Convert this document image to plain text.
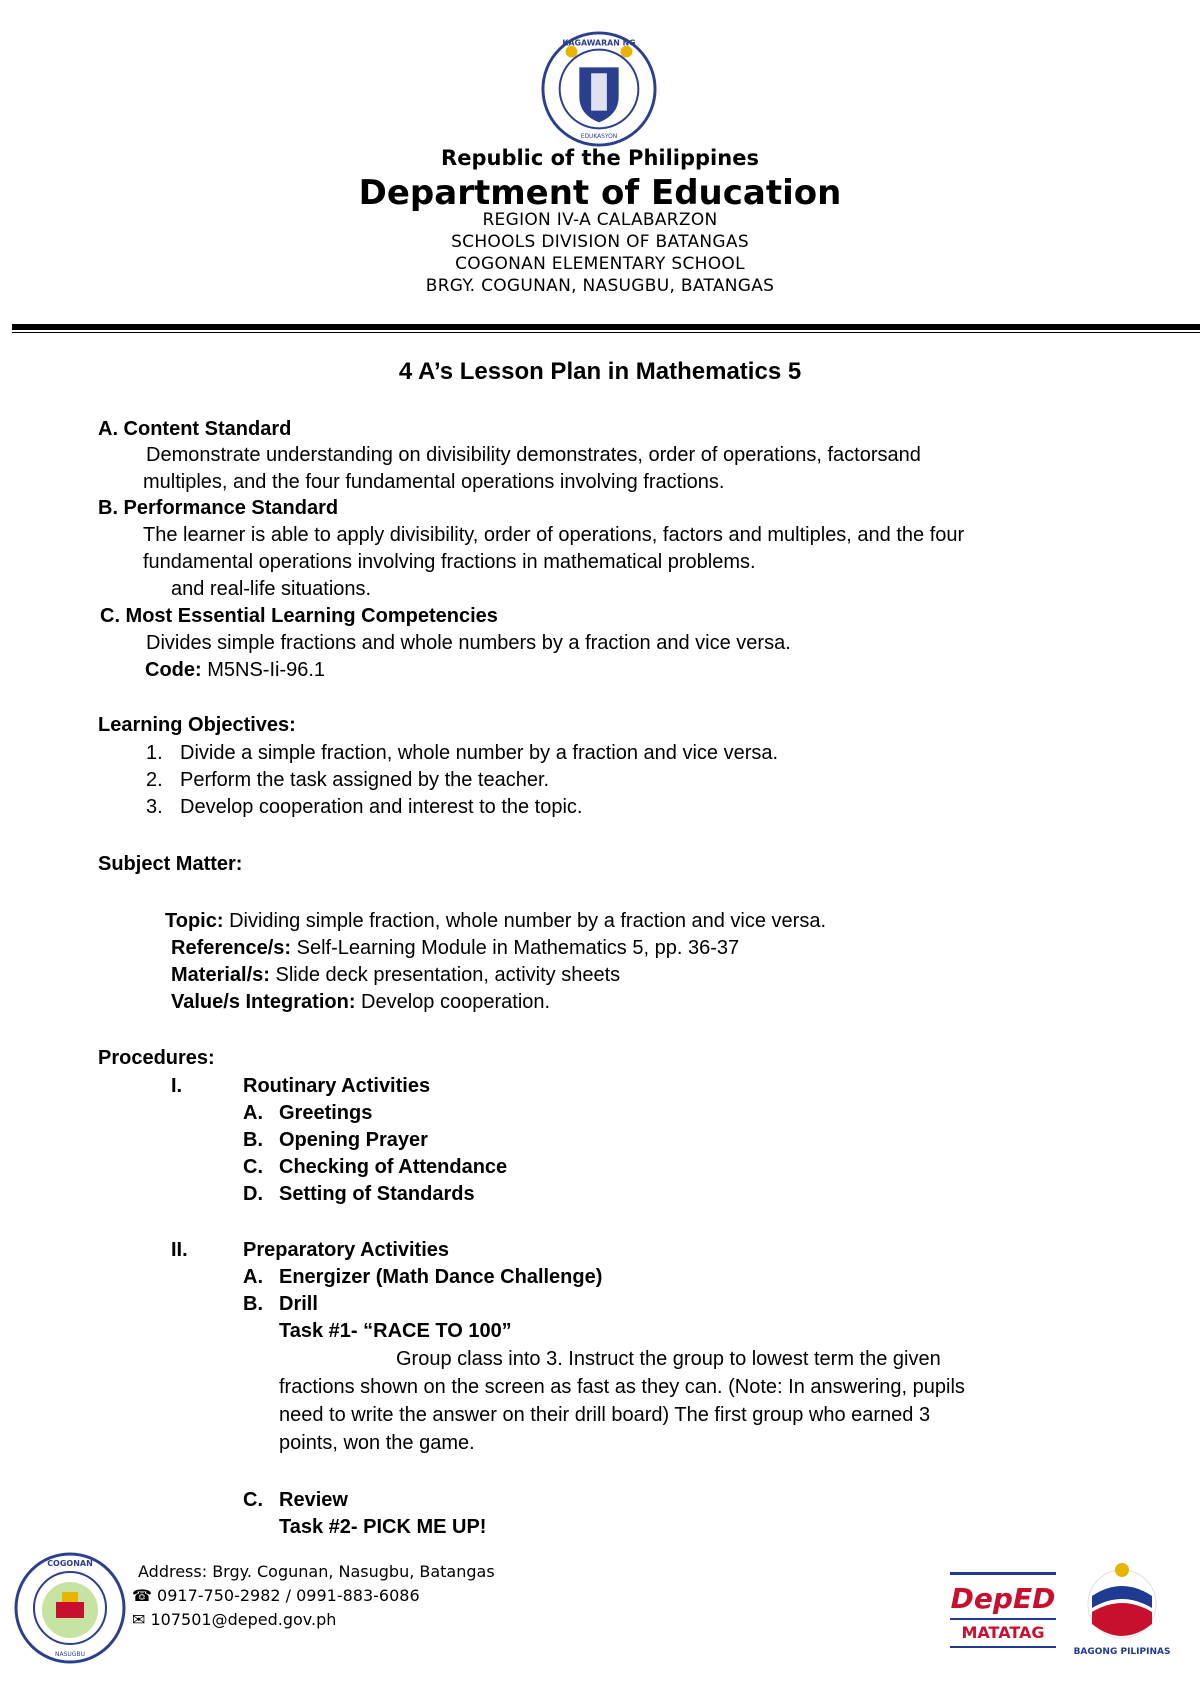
KAGAWARAN NG
EDUKASYON
Republic of the Philippines
Department of Education
REGION IV-A CALABARZON
SCHOOLS DIVISION OF BATANGAS
COGONAN ELEMENTARY SCHOOL
BRGY. COGUNAN, NASUGBU, BATANGAS
4 A’s Lesson Plan in Mathematics 5
A. Content Standard
Demonstrate understanding on divisibility demonstrates, order of operations, factorsand
multiples, and the four fundamental operations involving fractions.
B. Performance Standard
The learner is able to apply divisibility, order of operations, factors and multiples, and the four
fundamental operations involving fractions in mathematical problems.
and real-life situations.
C. Most Essential Learning Competencies
Divides simple fractions and whole numbers by a fraction and vice versa.
Code: M5NS-Ii-96.1
Learning Objectives:
1. Divide a simple fraction, whole number by a fraction and vice versa.
2. Perform the task assigned by the teacher.
3. Develop cooperation and interest to the topic.
Subject Matter:
Topic: Dividing simple fraction, whole number by a fraction and vice versa.
Reference/s: Self-Learning Module in Mathematics 5, pp. 36-37
Material/s: Slide deck presentation, activity sheets
Value/s Integration: Develop cooperation.
Procedures:
I.	Routinary Activities
A. Greetings
B. Opening Prayer
C. Checking of Attendance
D. Setting of Standards
II.	Preparatory Activities
A. Energizer (Math Dance Challenge)
B. Drill
Task #1- “RACE TO 100”
Group class into 3. Instruct the group to lowest term the given
fractions shown on the screen as fast as they can. (Note: In answering, pupils
need to write the answer on their drill board) The first group who earned 3
points, won the game.
C. Review
Task #2- PICK ME UP!
COGONAN
NASUGBU
Address: Brgy. Cogunan, Nasugbu, Batangas
☎ 0917-750-2982 / 0991-883-6086
✉ 107501@deped.gov.ph
DepED
MATATAG
BAGONG PILIPINAS
